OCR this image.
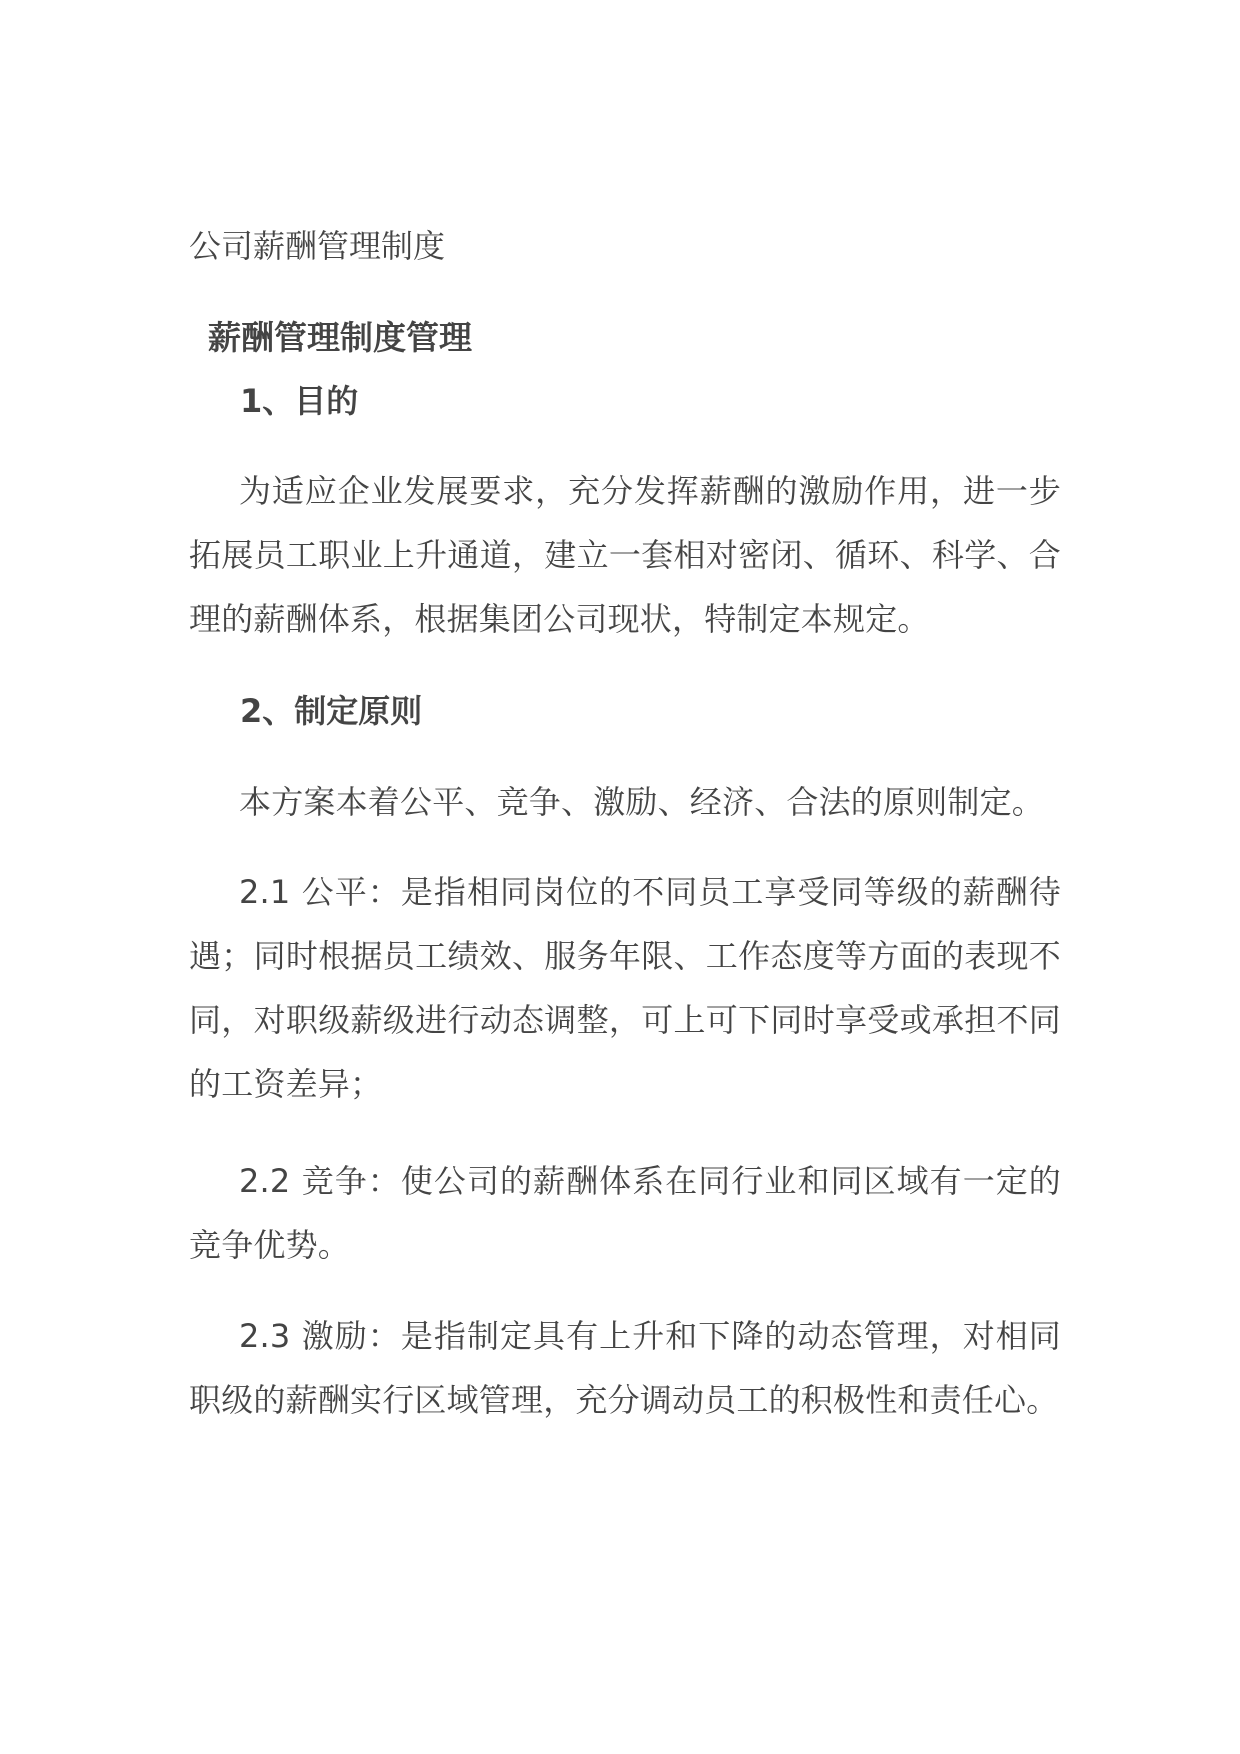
公司薪酬管理制度
薪酬管理制度管理
1、目的

为适应企业发展要求，充分发挥薪酬的激励作用，进一步拓展员工职业上升通道，建立一套相对密闭、循环、科学、合理的薪酬体系，根据集团公司现状，特制定本规定。

2、制定原则

本方案本着公平、竞争、激励、经济、合法的原则制定。

2.1 公平：是指相同岗位的不同员工享受同等级的薪酬待遇；同时根据员工绩效、服务年限、工作态度等方面的表现不同，对职级薪级进行动态调整，可上可下同时享受或承担不同的工资差异；

2.2 竞争：使公司的薪酬体系在同行业和同区域有一定的竞争优势。

2.3 激励：是指制定具有上升和下降的动态管理，对相同职级的薪酬实行区域管理，充分调动员工的积极性和责任心。
